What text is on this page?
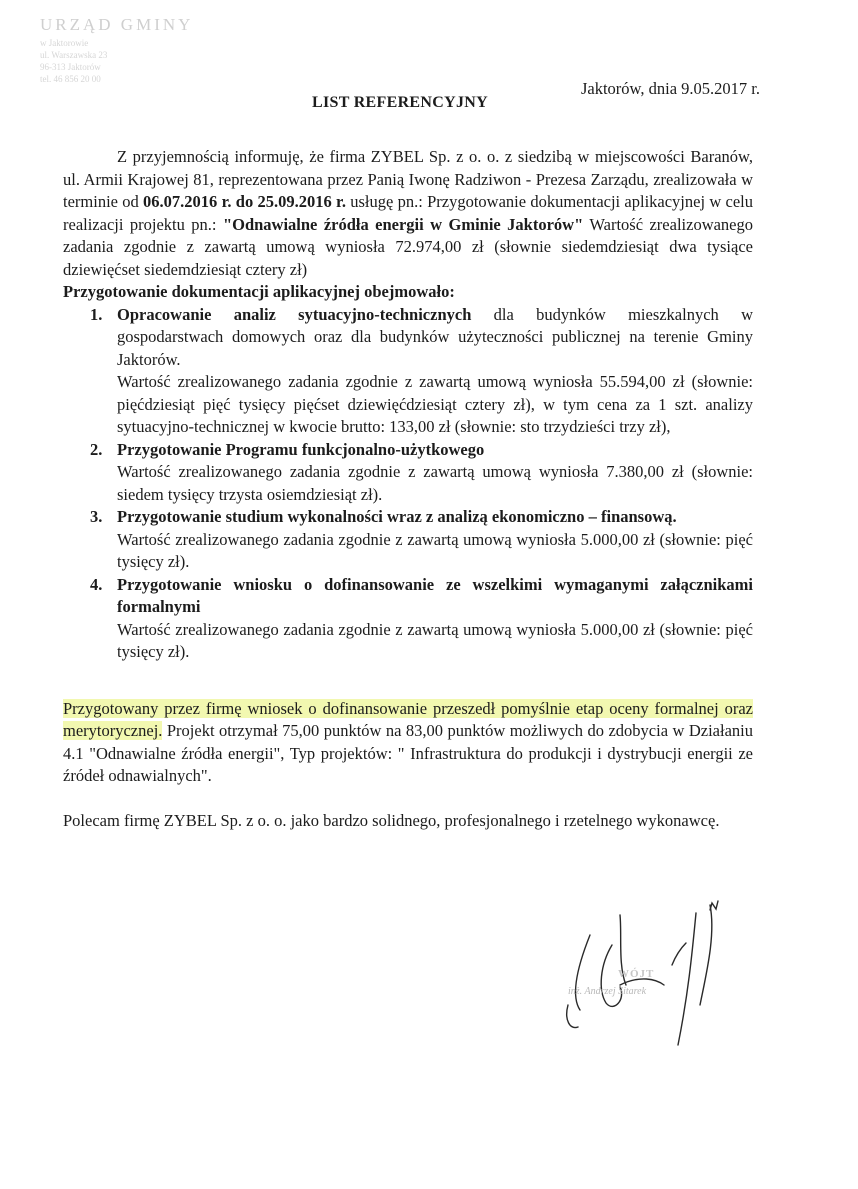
URZĄD GMINY
w Jaktorowie
ul. Warszawska 23
96-313 Jaktorów
tel. 46 856 20 00	Jaktorów, dnia 9.05.2017 r.
LIST REFERENCYJNY

Z przyjemnością informuję, że firma ZYBEL Sp. z o. o. z siedzibą w miejscowości Baranów, ul. Armii Krajowej 81, reprezentowana przez Panią Iwonę Radziwon - Prezesa Zarządu, zrealizowała w terminie od 06.07.2016 r. do 25.09.2016 r. usługę pn.: Przygotowanie dokumentacji aplikacyjnej w celu realizacji projektu pn.: "Odnawialne źródła energii w Gminie Jaktorów" Wartość zrealizowanego zadania zgodnie z zawartą umową wyniosła 72.974,00 zł (słownie siedemdziesiąt dwa tysiące dziewięćset siedemdziesiąt cztery zł)

Przygotowanie dokumentacji aplikacyjnej obejmowało:

1. Opracowanie analiz sytuacyjno-technicznych dla budynków mieszkalnych w gospodarstwach domowych oraz dla budynków użyteczności publicznej na terenie Gminy Jaktorów.
Wartość zrealizowanego zadania zgodnie z zawartą umową wyniosła 55.594,00 zł (słownie: pięćdziesiąt pięć tysięcy pięćset dziewięćdziesiąt cztery zł), w tym cena za 1 szt. analizy sytuacyjno-technicznej w kwocie brutto: 133,00 zł (słownie: sto trzydzieści trzy zł),
2. Przygotowanie Programu funkcjonalno-użytkowego
Wartość zrealizowanego zadania zgodnie z zawartą umową wyniosła 7.380,00 zł (słownie: siedem tysięcy trzysta osiemdziesiąt zł).
3. Przygotowanie studium wykonalności wraz z analizą ekonomiczno – finansową.
Wartość zrealizowanego zadania zgodnie z zawartą umową wyniosła 5.000,00 zł (słownie: pięć tysięcy zł).
4. Przygotowanie wniosku o dofinansowanie ze wszelkimi wymaganymi załącznikami formalnymi
Wartość zrealizowanego zadania zgodnie z zawartą umową wyniosła 5.000,00 zł (słownie: pięć tysięcy zł).

Przygotowany przez firmę wniosek o dofinansowanie przeszedł pomyślnie etap oceny formalnej oraz merytorycznej. Projekt otrzymał 75,00 punktów na 83,00 punktów możliwych do zdobycia w Działaniu 4.1 "Odnawialne źródła energii", Typ projektów: " Infrastruktura do produkcji i dystrybucji energii ze źródeł odnawialnych".

Polecam firmę ZYBEL Sp. z o. o. jako bardzo solidnego, profesjonalnego i rzetelnego wykonawcę.

WÓJT
inż. Andrzej Sitarek
